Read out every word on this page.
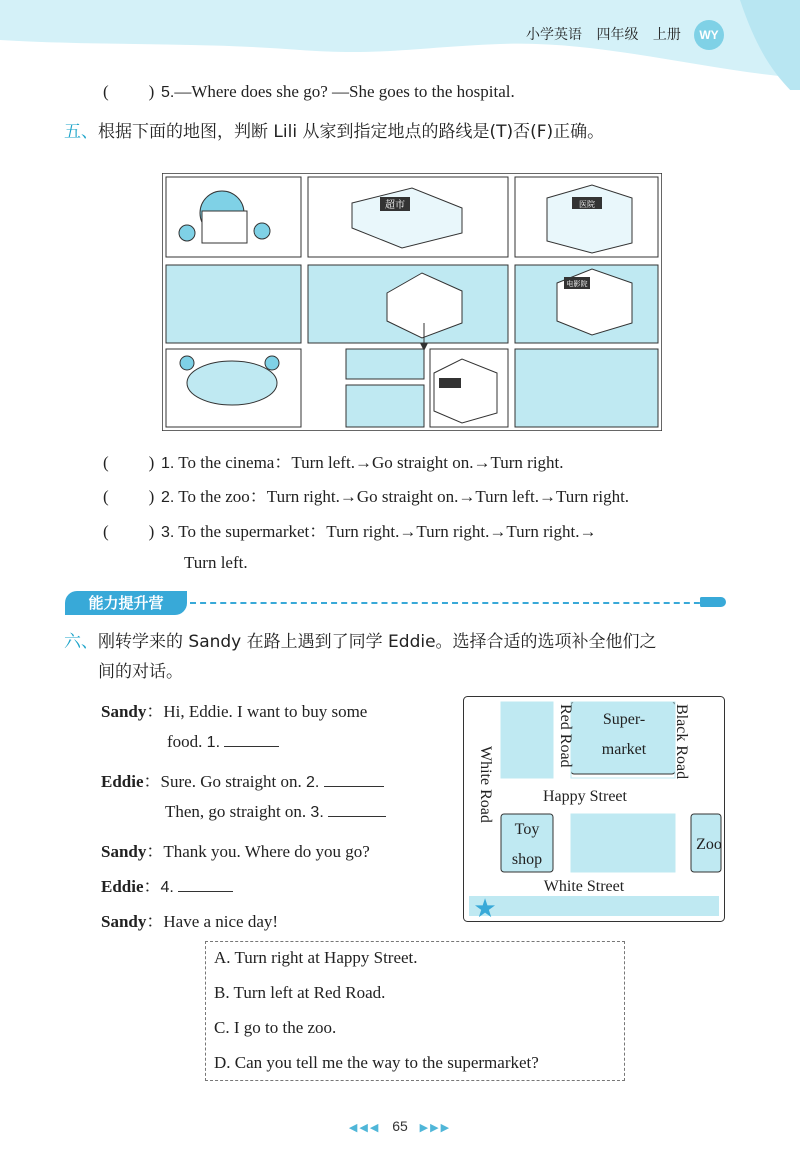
小学英语 四年级 上册	WY
( ) 5.—Where does she go? —She goes to the hospital.
五、根据下面的地图，判断 Lili 从家到指定地点的路线是(T)否(F)正确。
超市	医院
电影院
( ) 1. To the cinema：Turn left.→Go straight on.→Turn right.
( ) 2. To the zoo：Turn right.→Go straight on.→Turn left.→Turn right.
( ) 3. To the supermarket：Turn right.→Turn right.→Turn right.→
Turn left.
能力提升营
六、刚转学来的 Sandy 在路上遇到了同学 Eddie。选择合适的选项补全他们之
间的对话。
Sandy：Hi, Eddie. I want to buy some
food. 1.
Eddie：Sure. Go straight on. 2.
Then, go straight on. 3.
Sandy：Thank you. Where do you go?
Eddie：4.
Sandy：Have a nice day!
Red Road	Black Road
White Road	Happy Street
White Street
Super-
market
Toy
shop
Zoo
★
A. Turn right at Happy Street.
B. Turn left at Red Road.
C. I go to the zoo.
D. Can you tell me the way to the supermarket?
◀◀◀ 65 ▶▶▶
